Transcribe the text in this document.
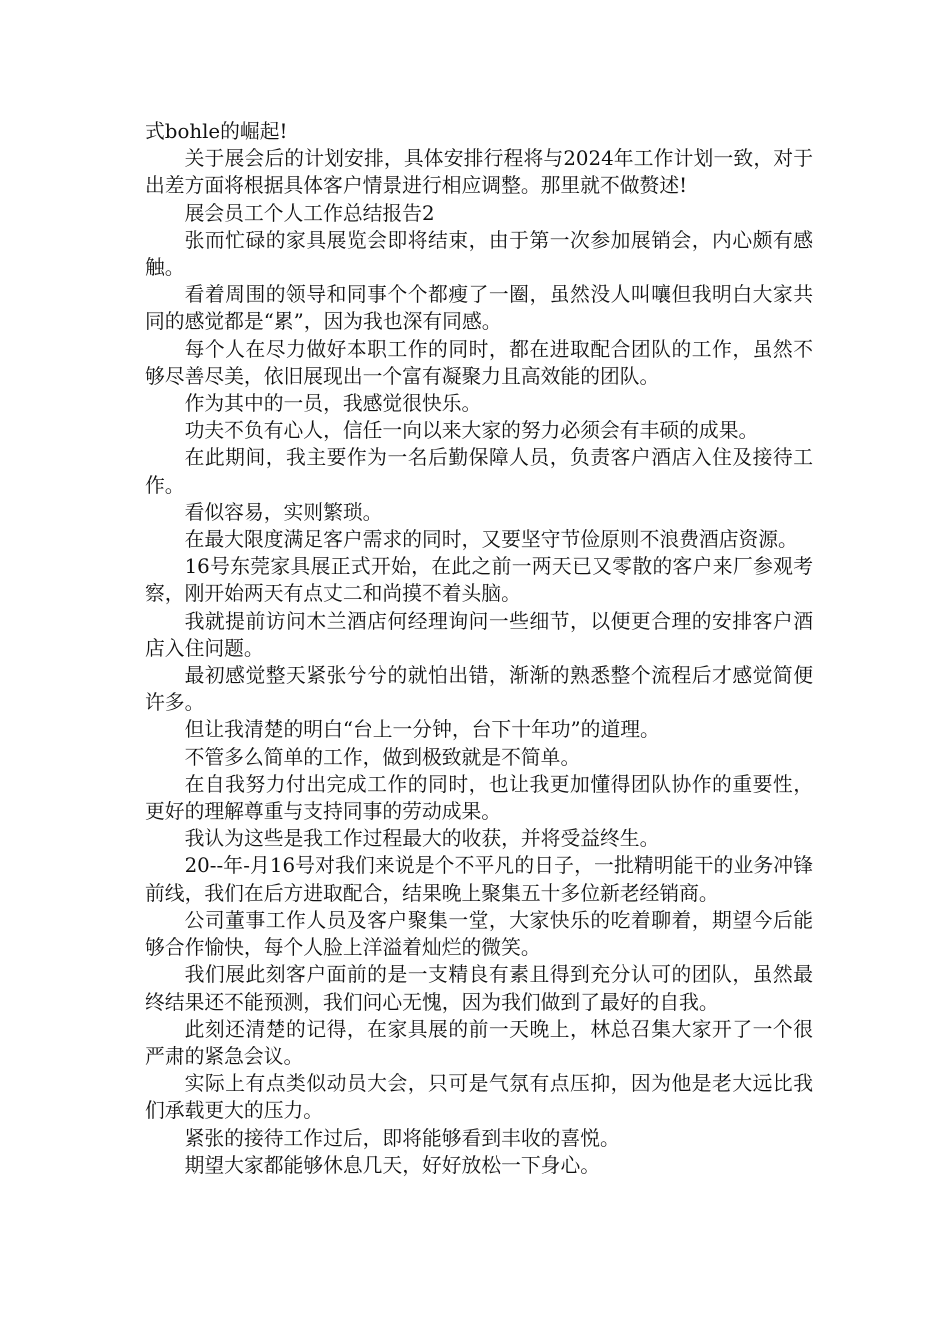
式bohle的崛起!

关于展会后的计划安排，具体安排行程将与2024年工作计划一致，对于出差方面将根据具体客户情景进行相应调整。那里就不做赘述!

展会员工个人工作总结报告2

张而忙碌的家具展览会即将结束，由于第一次参加展销会，内心颇有感触。

看着周围的领导和同事个个都瘦了一圈，虽然没人叫嚷但我明白大家共同的感觉都是“累”，因为我也深有同感。

每个人在尽力做好本职工作的同时，都在进取配合团队的工作，虽然不够尽善尽美，依旧展现出一个富有凝聚力且高效能的团队。

作为其中的一员，我感觉很快乐。

功夫不负有心人，信任一向以来大家的努力必须会有丰硕的成果。

在此期间，我主要作为一名后勤保障人员，负责客户酒店入住及接待工作。

看似容易，实则繁琐。

在最大限度满足客户需求的同时，又要坚守节俭原则不浪费酒店资源。

16号东莞家具展正式开始，在此之前一两天已又零散的客户来厂参观考察，刚开始两天有点丈二和尚摸不着头脑。

我就提前访问木兰酒店何经理询问一些细节，以便更合理的安排客户酒店入住问题。

最初感觉整天紧张兮兮的就怕出错，渐渐的熟悉整个流程后才感觉简便许多。

但让我清楚的明白“台上一分钟，台下十年功”的道理。

不管多么简单的工作，做到极致就是不简单。

在自我努力付出完成工作的同时，也让我更加懂得团队协作的重要性，更好的理解尊重与支持同事的劳动成果。

我认为这些是我工作过程最大的收获，并将受益终生。

20--年-月16号对我们来说是个不平凡的日子，一批精明能干的业务冲锋前线，我们在后方进取配合，结果晚上聚集五十多位新老经销商。

公司董事工作人员及客户聚集一堂，大家快乐的吃着聊着，期望今后能够合作愉快，每个人脸上洋溢着灿烂的微笑。

我们展此刻客户面前的是一支精良有素且得到充分认可的团队，虽然最终结果还不能预测，我们问心无愧，因为我们做到了最好的自我。

此刻还清楚的记得，在家具展的前一天晚上，林总召集大家开了一个很严肃的紧急会议。

实际上有点类似动员大会，只可是气氛有点压抑，因为他是老大远比我们承载更大的压力。

紧张的接待工作过后，即将能够看到丰收的喜悦。

期望大家都能够休息几天，好好放松一下身心。
